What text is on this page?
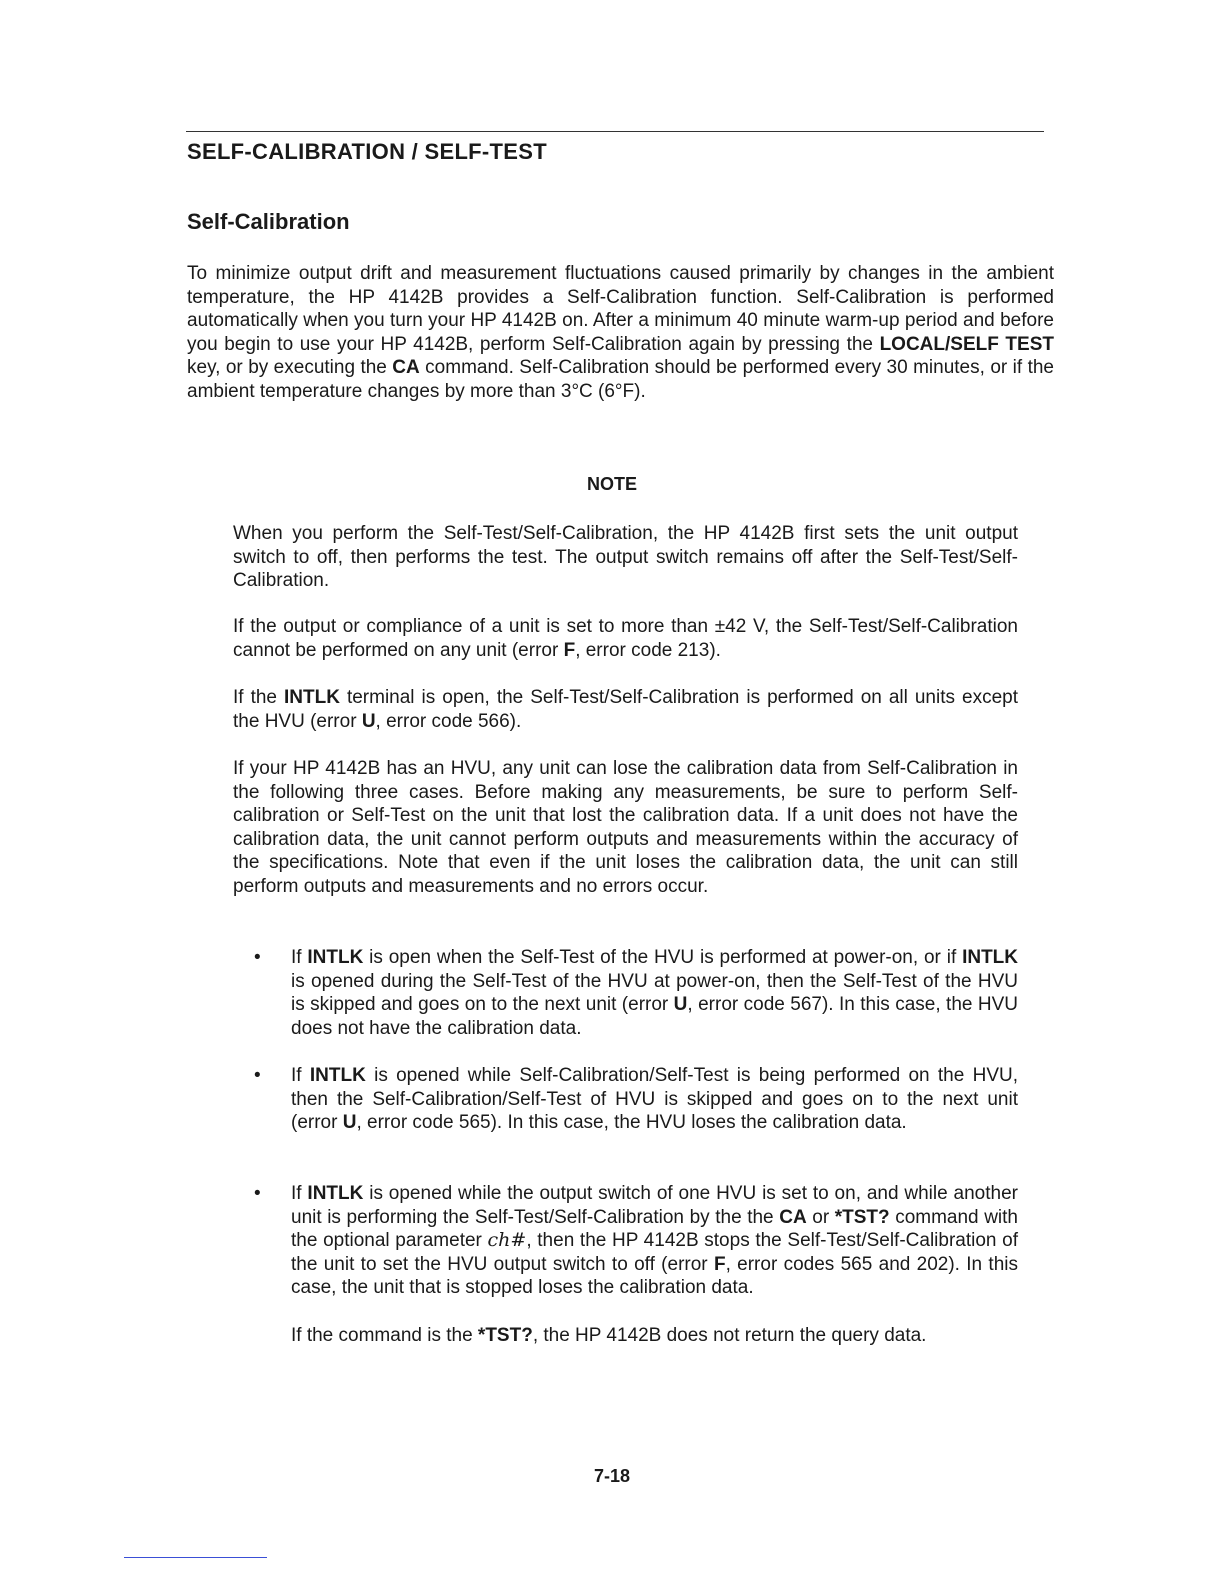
SELF-CALIBRATION / SELF-TEST
Self-Calibration

To minimize output drift and measurement fluctuations caused primarily by changes in the ambient temperature, the HP 4142B provides a Self-Calibration function. Self-Calibration is performed automatically when you turn your HP 4142B on. After a minimum 40 minute warm-up period and before you begin to use your HP 4142B, perform Self-Calibration again by pressing the LOCAL/SELF TEST key, or by executing the CA command. Self-Calibration should be performed every 30 minutes, or if the ambient temperature changes by more than 3°C (6°F).

NOTE

When you perform the Self-Test/Self-Calibration, the HP 4142B first sets the unit output switch to off, then performs the test. The output switch remains off after the Self-Test/Self-Calibration.

If the output or compliance of a unit is set to more than ±42 V, the Self-Test/Self-Calibration cannot be performed on any unit (error F, error code 213).

If the INTLK terminal is open, the Self-Test/Self-Calibration is performed on all units except the HVU (error U, error code 566).

If your HP 4142B has an HVU, any unit can lose the calibration data from Self-Calibration in the following three cases. Before making any measurements, be sure to perform Self-calibration or Self-Test on the unit that lost the calibration data. If a unit does not have the calibration data, the unit cannot perform outputs and measurements within the accuracy of the specifications. Note that even if the unit loses the calibration data, the unit can still perform outputs and measurements and no errors occur.

• If INTLK is open when the Self-Test of the HVU is performed at power-on, or if INTLK is opened during the Self-Test of the HVU at power-on, then the Self-Test of the HVU is skipped and goes on to the next unit (error U, error code 567). In this case, the HVU does not have the calibration data.

• If INTLK is opened while Self-Calibration/Self-Test is being performed on the HVU, then the Self-Calibration/Self-Test of HVU is skipped and goes on to the next unit (error U, error code 565). In this case, the HVU loses the calibration data.

• If INTLK is opened while the output switch of one HVU is set to on, and while another unit is performing the Self-Test/Self-Calibration by the the CA or *TST? command with the optional parameter ch#, then the HP 4142B stops the Self-Test/Self-Calibration of the unit to set the HVU output switch to off (error F, error codes 565 and 202). In this case, the unit that is stopped loses the calibration data.

If the command is the *TST?, the HP 4142B does not return the query data.

7-18
